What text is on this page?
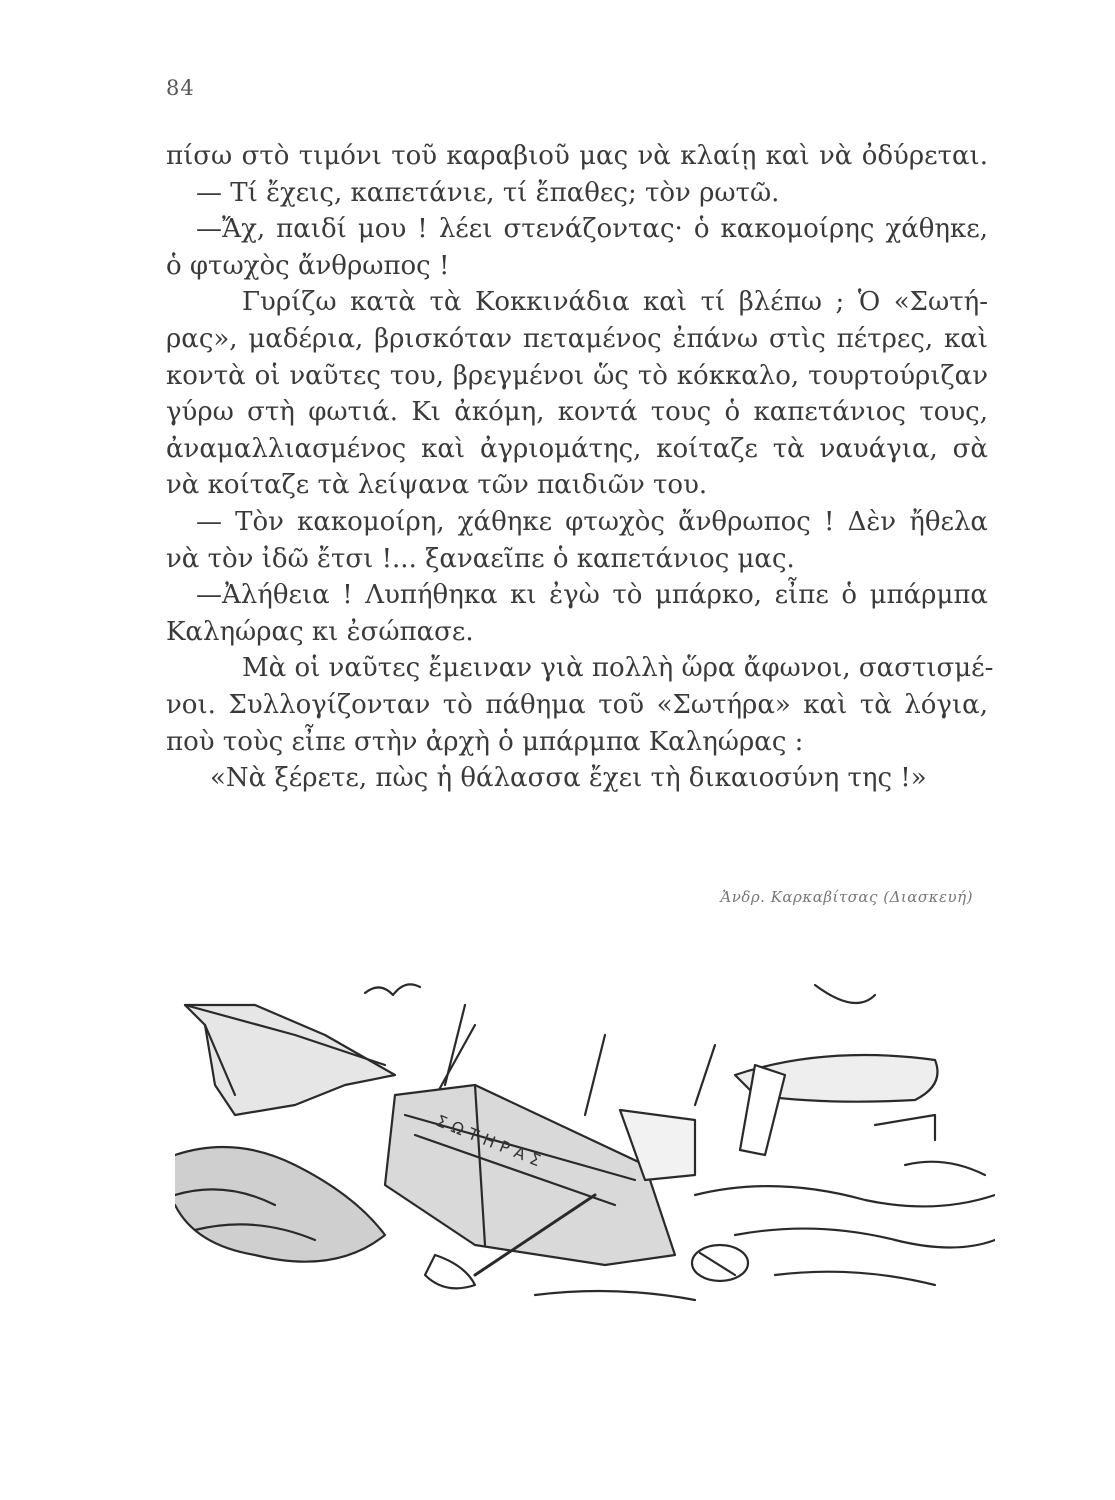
84
πίσω στὸ τιμόνι τοῦ καραβιοῦ μας νὰ κλαίῃ καὶ νὰ ὀδύρεται.
— Τί ἔχεις, καπετάνιε, τί ἔπαθες; τὸν ρωτῶ.
—Ἄχ, παιδί μου ! λέει στενάζοντας· ὁ κακομοίρης χάθηκε,
ὁ φτωχὸς ἄνθρωπος !
Γυρίζω κατὰ τὰ Κοκκινάδια καὶ τί βλέπω ; Ὁ «Σωτή-
ρας», μαδέρια, βρισκόταν πεταμένος ἐπάνω στὶς πέτρες, καὶ
κοντὰ οἱ ναῦτες του, βρεγμένοι ὥς τὸ κόκκαλο, τουρτούριζαν
γύρω στὴ φωτιά. Κι ἀκόμη, κοντά τους ὁ καπετάνιος τους,
ἀναμαλλιασμένος καὶ ἀγριομάτης, κοίταζε τὰ ναυάγια, σὰ
νὰ κοίταζε τὰ λείψανα τῶν παιδιῶν του.
— Τὸν κακομοίρη, χάθηκε φτωχὸς ἄνθρωπος ! Δὲν ἤθελα
νὰ τὸν ἰδῶ ἔτσι !... ξαναεῖπε ὁ καπετάνιος μας.
—Ἀλήθεια ! Λυπήθηκα κι ἐγὼ τὸ μπάρκο, εἶπε ὁ μπάρμπα
Καληώρας κι ἐσώπασε.
Μὰ οἱ ναῦτες ἔμειναν γιὰ πολλὴ ὥρα ἄφωνοι, σαστισμέ-
νοι. Συλλογίζονταν τὸ πάθημα τοῦ «Σωτήρα» καὶ τὰ λόγια,
ποὺ τοὺς εἶπε στὴν ἀρχὴ ὁ μπάρμπα Καληώρας :
«Νὰ ξέρετε, πὼς ἡ θάλασσα ἔχει τὴ δικαιοσύνη της !»
Ἀνδρ. Καρκαβίτσας (Διασκευή)
ΣΩΤΗΡΑΣ
